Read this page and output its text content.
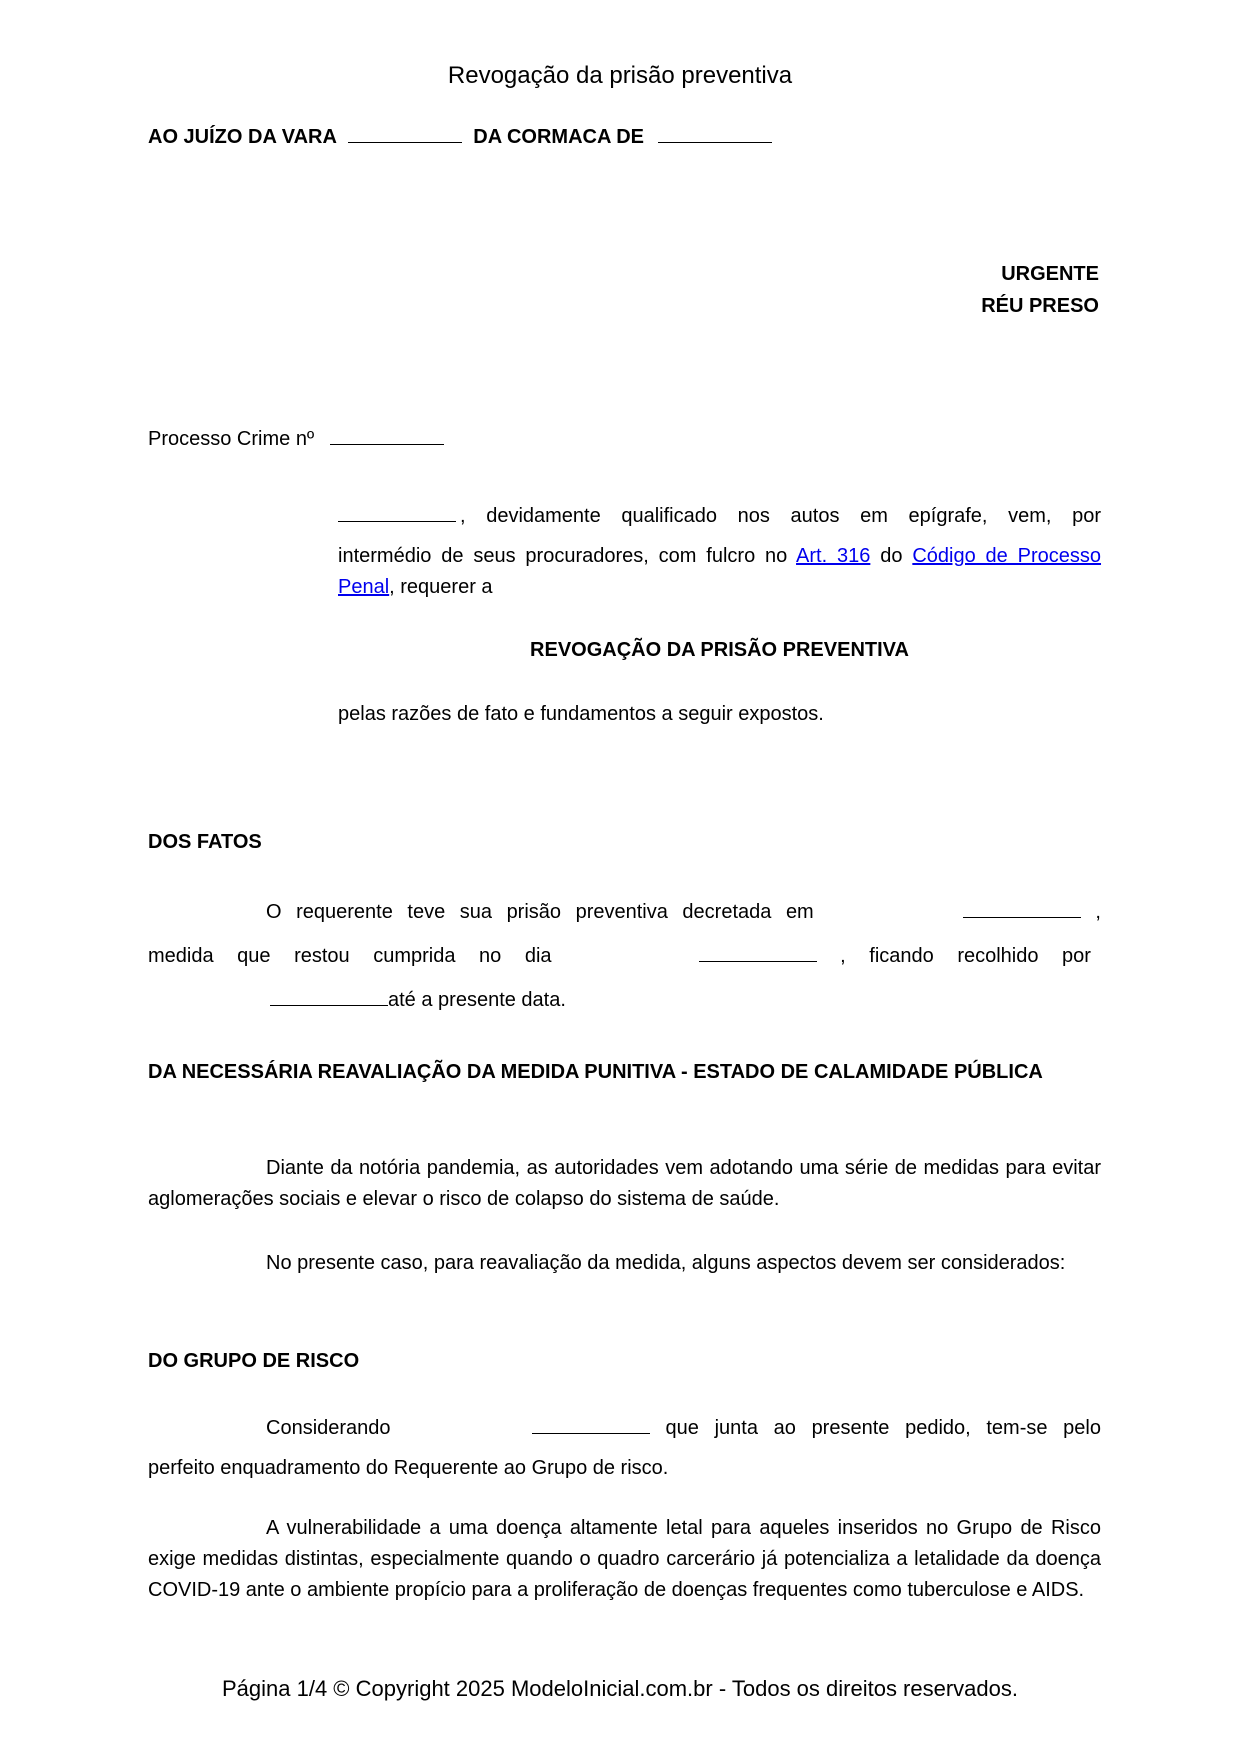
Revogação da prisão preventiva
AO JUÍZO DA VARA	DA CORMACA DE
URGENTE
RÉU PRESO
Processo Crime nº
, devidamente qualificado nos autos em epígrafe, vem, por
intermédio de seus procuradores, com fulcro no Art. 316 do Código de Processo Penal, requerer a
REVOGAÇÃO DA PRISÃO PREVENTIVA
pelas razões de fato e fundamentos a seguir expostos.
DOS FATOS
O requerente teve sua prisão preventiva decretada em	,
medida que restou cumprida no dia	, ficando recolhido por
até a presente data.
DA NECESSÁRIA REAVALIAÇÃO DA MEDIDA PUNITIVA - ESTADO DE CALAMIDADE PÚBLICA
Diante da notória pandemia, as autoridades vem adotando uma série de medidas para evitar aglomerações sociais e elevar o risco de colapso do sistema de saúde.
No presente caso, para reavaliação da medida, alguns aspectos devem ser considerados:
DO GRUPO DE RISCO
Considerando	que junta ao presente pedido, tem-se pelo
perfeito enquadramento do Requerente ao Grupo de risco.
A vulnerabilidade a uma doença altamente letal para aqueles inseridos no Grupo de Risco exige medidas distintas, especialmente quando o quadro carcerário já potencializa a letalidade da doença COVID-19 ante o ambiente propício para a proliferação de doenças frequentes como tuberculose e AIDS.
Página 1/4 © Copyright 2025 ModeloInicial.com.br - Todos os direitos reservados.
